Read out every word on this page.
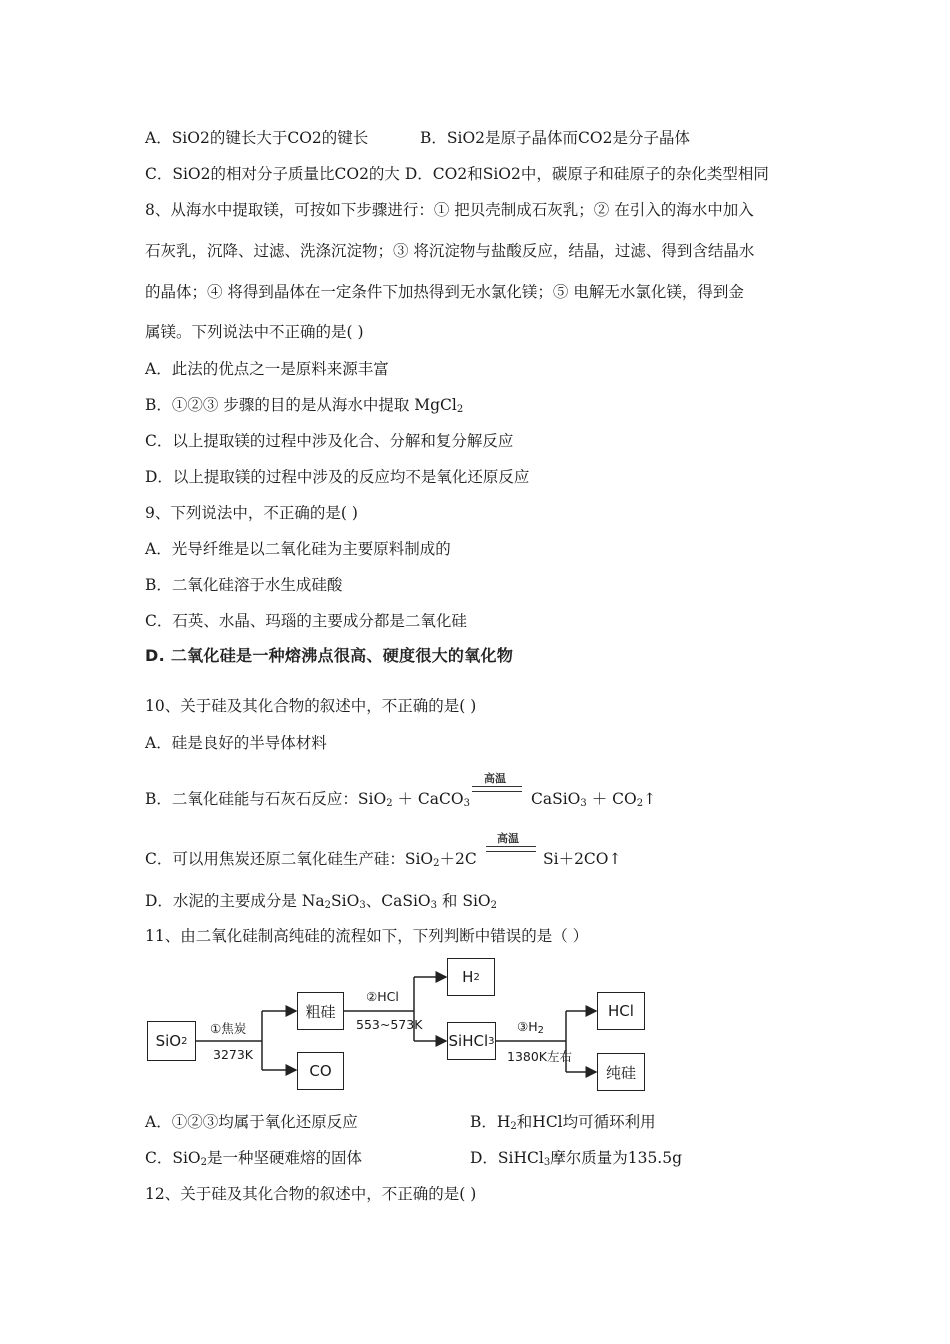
A．SiO2的键长大于CO2的键长	B．SiO2是原子晶体而CO2是分子晶体
C．SiO2的相对分子质量比CO2的大 D．CO2和SiO2中，碳原子和硅原子的杂化类型相同
8、从海水中提取镁，可按如下步骤进行：① 把贝壳制成石灰乳；② 在引入的海水中加入
石灰乳，沉降、过滤、洗涤沉淀物；③ 将沉淀物与盐酸反应，结晶，过滤、得到含结晶水
的晶体；④ 将得到晶体在一定条件下加热得到无水氯化镁；⑤ 电解无水氯化镁，得到金
属镁。下列说法中不正确的是( )
A．此法的优点之一是原料来源丰富
B．①②③ 步骤的目的是从海水中提取 MgCl$_2$
C．以上提取镁的过程中涉及化合、分解和复分解反应
D．以上提取镁的过程中涉及的反应均不是氧化还原反应
9、下列说法中，不正确的是( )
A．光导纤维是以二氧化硅为主要原料制成的
B．二氧化硅溶于水生成硅酸
C．石英、水晶、玛瑙的主要成分都是二氧化硅
D. 二氧化硅是一种熔沸点很高、硬度很大的氧化物
10、关于硅及其化合物的叙述中，不正确的是( )
A．硅是良好的半导体材料
B．二氧化硅能与石灰石反应：SiO$_2$ ＋ CaCO$_3$
高温
CaSiO$_3$ ＋ $CO_2↑$
C．可以用焦炭还原二氧化硅生产硅：SiO$_2$＋2C
高温
Si＋2CO↑
D．水泥的主要成分是 $Na_2SiO_3$、CaSiO$_3$ 和 SiO$_2$
11、由二氧化硅制高纯硅的流程如下，下列判断中错误的是（ ）
SiO 2
粗硅
CO
H 2
SiHCl 3
HCl
纯硅
①焦炭
3273K
②HCl
553~573K	$③H_2$
1380K左右
A．①②③均属于氧化还原反应	B．$H_2$和HCl均可循环利用
C．SiO$_2$是一种坚硬难熔的固体	D．SiHCl$_3$摩尔质量为135.5g
12、关于硅及其化合物的叙述中，不正确的是( )
